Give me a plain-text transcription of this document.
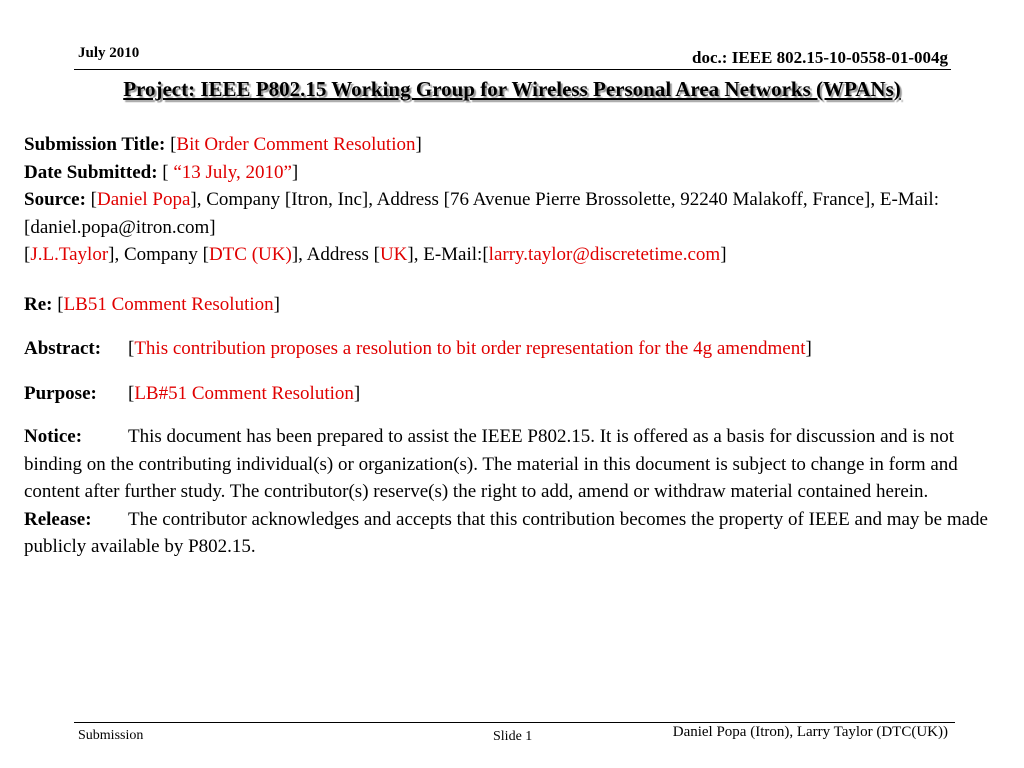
July 2010	doc.: IEEE 802.15-10-0558-01-004g
Project: IEEE P802.15 Working Group for Wireless Personal Area Networks (WPANs)

Submission Title: [Bit Order Comment Resolution]

Date Submitted: [ “13 July, 2010”]

Source: [Daniel Popa], Company [Itron, Inc], Address [76 Avenue Pierre Brossolette, 92240 Malakoff, France], E-Mail:[daniel.popa@itron.com]

[J.L.Taylor], Company [DTC (UK)], Address [UK], E-Mail:[larry.taylor@discretetime.com]

Re: [LB51 Comment Resolution]

Abstract: [This contribution proposes a resolution to bit order representation for the 4g amendment]

Purpose: [LB#51 Comment Resolution]

Notice: This document has been prepared to assist the IEEE P802.15. It is offered as a basis for discussion and is not binding on the contributing individual(s) or organization(s). The material in this document is subject to change in form and content after further study. The contributor(s) reserve(s) the right to add, amend or withdraw material contained herein.

Release: The contributor acknowledges and accepts that this contribution becomes the property of IEEE and may be made publicly available by P802.15.

Submission	Slide 1	Daniel Popa (Itron), Larry Taylor (DTC(UK))
